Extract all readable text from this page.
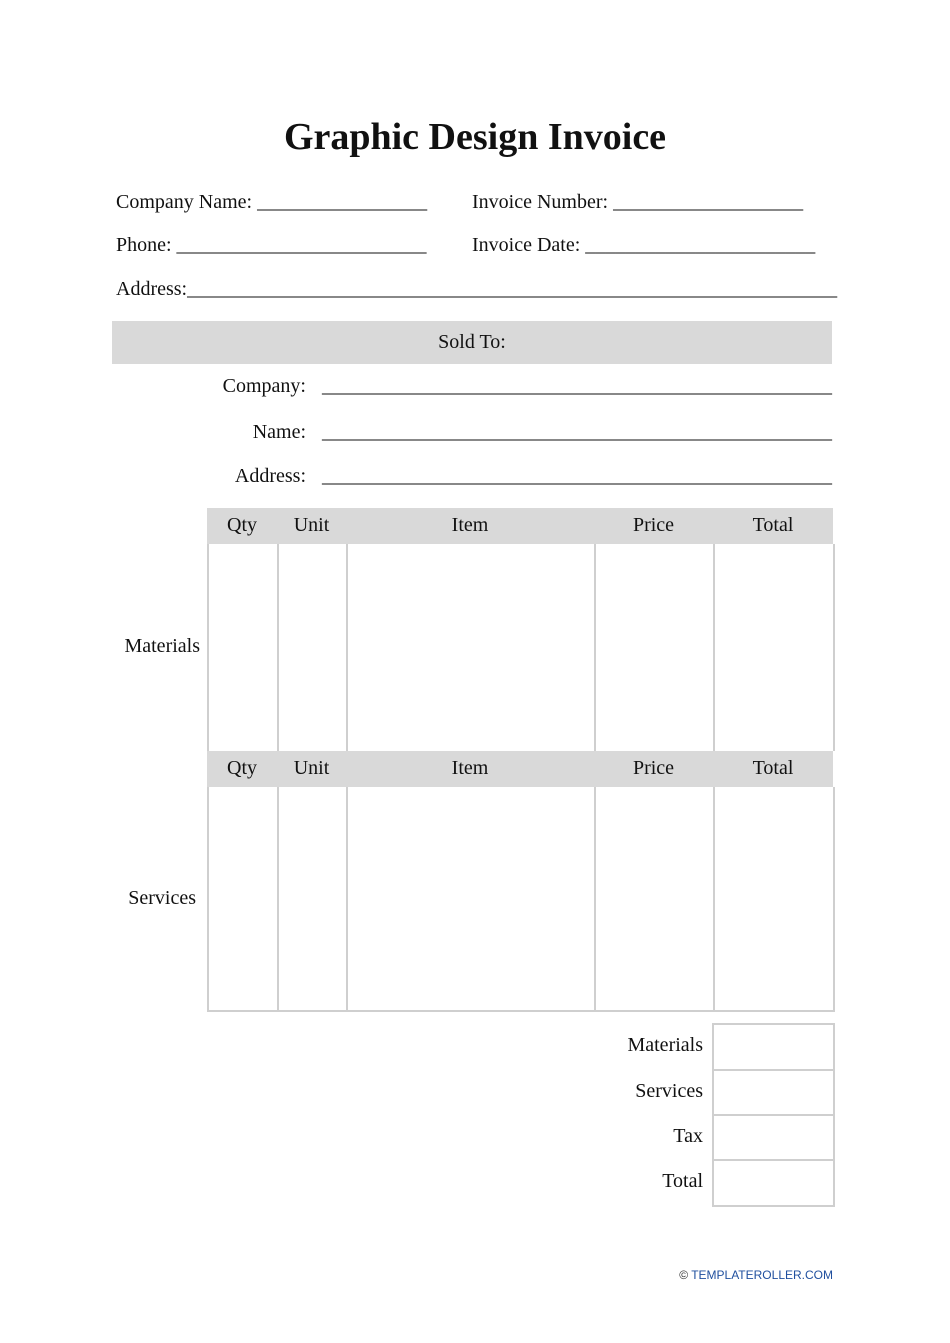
Graphic Design Invoice
Company Name: _________________ Invoice Number: ___________________
Phone: _________________________ Invoice Date: _______________________
Address:_________________________________________________________________
Sold To:
Company: ___________________________________________________
Name: ___________________________________________________
Address: ___________________________________________________
Materials
Qty	Unit	Item	Price	Total
Services
Qty	Unit	Item	Price	Total
Materials
Services
Tax
Total
© TEMPLATEROLLER.COM
